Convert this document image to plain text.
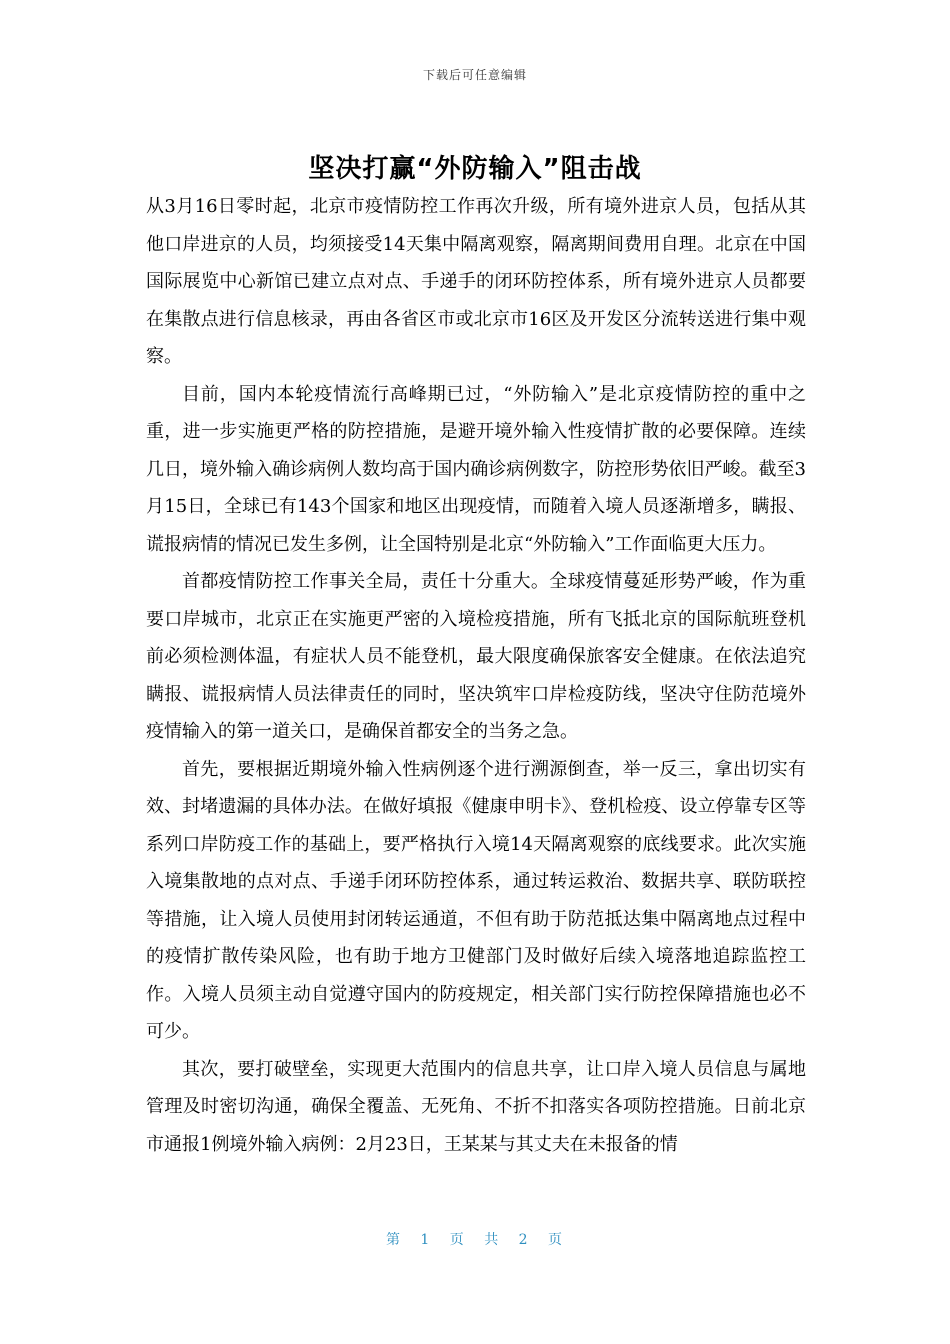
下载后可任意编辑
坚决打赢“外防输入”阻击战

从3月16日零时起，北京市疫情防控工作再次升级，所有境外进京人员，包括从其他口岸进京的人员，均须接受14天集中隔离观察，隔离期间费用自理。北京在中国国际展览中心新馆已建立点对点、手递手的闭环防控体系，所有境外进京人员都要在集散点进行信息核录，再由各省区市或北京市16区及开发区分流转送进行集中观察。

目前，国内本轮疫情流行高峰期已过，“外防输入”是北京疫情防控的重中之重，进一步实施更严格的防控措施，是避开境外输入性疫情扩散的必要保障。连续几日，境外输入确诊病例人数均高于国内确诊病例数字，防控形势依旧严峻。截至3月15日，全球已有143个国家和地区出现疫情，而随着入境人员逐渐增多，瞒报、谎报病情的情况已发生多例，让全国特别是北京“外防输入”工作面临更大压力。

首都疫情防控工作事关全局，责任十分重大。全球疫情蔓延形势严峻，作为重要口岸城市，北京正在实施更严密的入境检疫措施，所有飞抵北京的国际航班登机前必须检测体温，有症状人员不能登机，最大限度确保旅客安全健康。在依法追究瞒报、谎报病情人员法律责任的同时，坚决筑牢口岸检疫防线，坚决守住防范境外疫情输入的第一道关口，是确保首都安全的当务之急。

首先，要根据近期境外输入性病例逐个进行溯源倒查，举一反三，拿出切实有效、封堵遗漏的具体办法。在做好填报《健康申明卡》、登机检疫、设立停靠专区等系列口岸防疫工作的基础上，要严格执行入境14天隔离观察的底线要求。此次实施入境集散地的点对点、手递手闭环防控体系，通过转运救治、数据共享、联防联控等措施，让入境人员使用封闭转运通道，不但有助于防范抵达集中隔离地点过程中的疫情扩散传染风险，也有助于地方卫健部门及时做好后续入境落地追踪监控工作。入境人员须主动自觉遵守国内的防疫规定，相关部门实行防控保障措施也必不可少。

其次，要打破壁垒，实现更大范围内的信息共享，让口岸入境人员信息与属地管理及时密切沟通，确保全覆盖、无死角、不折不扣落实各项防控措施。日前北京市通报1例境外输入病例：2月23日，王某某与其丈夫在未报备的情

第 1 页 共 2 页
